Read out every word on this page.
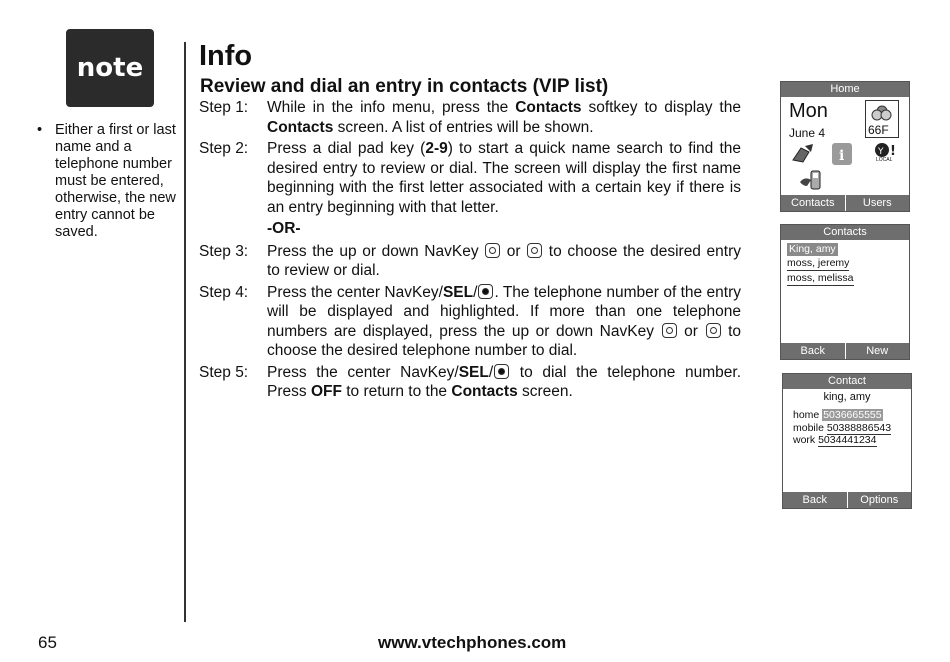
note
• Either a first or last name and a telephone number must be entered, otherwise, the new entry cannot be saved.
Info
Review and dial an entry in contacts (VIP list)
Step 1:	While in the info menu, press the Contacts softkey to display the Contacts screen. A list of entries will be shown.
Step 2:	Press a dial pad key (2-9) to start a quick name search to find the desired entry to review or dial. The screen will display the first name beginning with the first letter associated with a certain key if there is an entry beginning with that letter.
-OR-
Step 3:	Press the up or down NavKey  or  to choose the desired entry to review or dial.
Step 4:	Press the center NavKey/SEL/ . The telephone number of the entry will be displayed and highlighted. If more than one telephone numbers are displayed, press the up or down NavKey  or  to choose the desired telephone number to dial.
Step 5:	Press the center NavKey/SEL/ to dial the telephone number. Press OFF to return to the Contacts screen.
Home
Mon
June 4	66F
i	Y !
LOCAL
Contacts	Users
Contacts
King, amy
moss, jeremy
moss, melissa
Back	New
Contact
king, amy
home 5036665555
mobile 50388886543
work 5034441234
Back	Options
65	www.vtechphones.com
